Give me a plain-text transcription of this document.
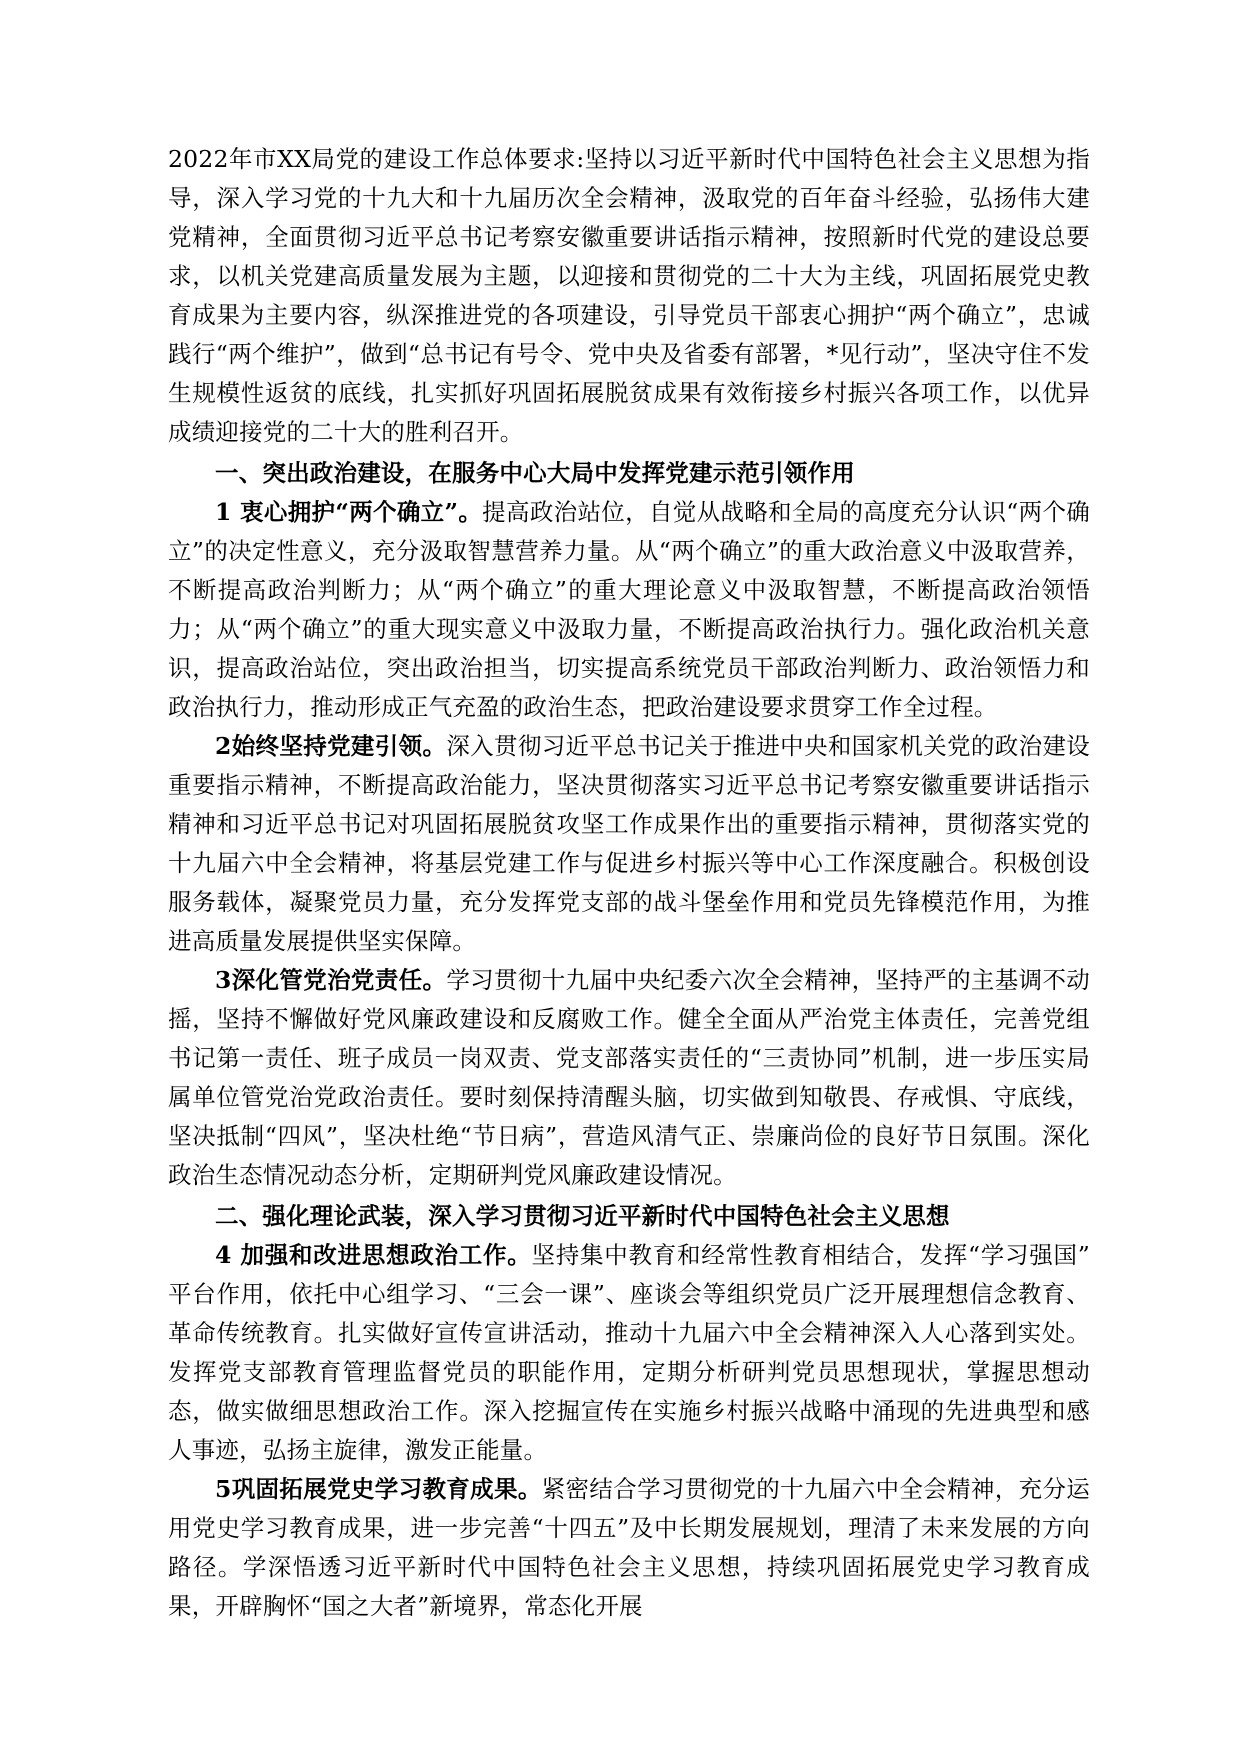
2022年市XX局党的建设工作总体要求:坚持以习近平新时代中国特色社会主义思想为指导，深入学习党的十九大和十九届历次全会精神，汲取党的百年奋斗经验，弘扬伟大建党精神，全面贯彻习近平总书记考察安徽重要讲话指示精神，按照新时代党的建设总要求，以机关党建高质量发展为主题，以迎接和贯彻党的二十大为主线，巩固拓展党史教育成果为主要内容，纵深推进党的各项建设，引导党员干部衷心拥护“两个确立”，忠诚践行“两个维护”，做到“总书记有号令、党中央及省委有部署，*见行动”，坚决守住不发生规模性返贫的底线，扎实抓好巩固拓展脱贫成果有效衔接乡村振兴各项工作，以优异成绩迎接党的二十大的胜利召开。

一、突出政治建设，在服务中心大局中发挥党建示范引领作用

1 衷心拥护“两个确立”。提高政治站位，自觉从战略和全局的高度充分认识“两个确立”的决定性意义，充分汲取智慧营养力量。从“两个确立”的重大政治意义中汲取营养，不断提高政治判断力；从“两个确立”的重大理论意义中汲取智慧，不断提高政治领悟力；从“两个确立”的重大现实意义中汲取力量，不断提高政治执行力。强化政治机关意识，提高政治站位，突出政治担当，切实提高系统党员干部政治判断力、政治领悟力和政治执行力，推动形成正气充盈的政治生态，把政治建设要求贯穿工作全过程。

2始终坚持党建引领。深入贯彻习近平总书记关于推进中央和国家机关党的政治建设重要指示精神，不断提高政治能力，坚决贯彻落实习近平总书记考察安徽重要讲话指示精神和习近平总书记对巩固拓展脱贫攻坚工作成果作出的重要指示精神，贯彻落实党的十九届六中全会精神，将基层党建工作与促进乡村振兴等中心工作深度融合。积极创设服务载体，凝聚党员力量，充分发挥党支部的战斗堡垒作用和党员先锋模范作用，为推进高质量发展提供坚实保障。

3深化管党治党责任。学习贯彻十九届中央纪委六次全会精神，坚持严的主基调不动摇，坚持不懈做好党风廉政建设和反腐败工作。健全全面从严治党主体责任，完善党组书记第一责任、班子成员一岗双责、党支部落实责任的“三责协同”机制，进一步压实局属单位管党治党政治责任。要时刻保持清醒头脑，切实做到知敬畏、存戒惧、守底线，坚决抵制“四风”，坚决杜绝“节日病”，营造风清气正、崇廉尚俭的良好节日氛围。深化政治生态情况动态分析，定期研判党风廉政建设情况。

二、强化理论武装，深入学习贯彻习近平新时代中国特色社会主义思想

4 加强和改进思想政治工作。坚持集中教育和经常性教育相结合，发挥“学习强国”平台作用，依托中心组学习、“三会一课”、座谈会等组织党员广泛开展理想信念教育、革命传统教育。扎实做好宣传宣讲活动，推动十九届六中全会精神深入人心落到实处。发挥党支部教育管理监督党员的职能作用，定期分析研判党员思想现状，掌握思想动态，做实做细思想政治工作。深入挖掘宣传在实施乡村振兴战略中涌现的先进典型和感人事迹，弘扬主旋律，激发正能量。

5巩固拓展党史学习教育成果。紧密结合学习贯彻党的十九届六中全会精神，充分运用党史学习教育成果，进一步完善“十四五”及中长期发展规划，理清了未来发展的方向路径。学深悟透习近平新时代中国特色社会主义思想，持续巩固拓展党史学习教育成果，开辟胸怀“国之大者”新境界，常态化开展
